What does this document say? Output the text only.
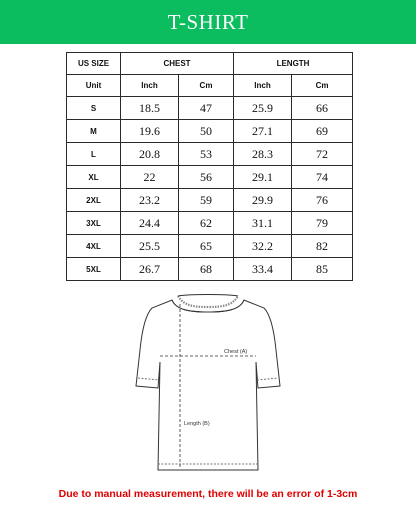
T-SHIRT
US SIZE	CHEST		LENGTH	
Unit	Inch	Cm	Inch	Cm
S	18.5	47	25.9	66
M	19.6	50	27.1	69
L	20.8	53	28.3	72
XL	22	56	29.1	74
2XL	23.2	59	29.9	76
3XL	24.4	62	31.1	79
4XL	25.5	65	32.2	82
5XL	26.7	68	33.4	85
Chest (A)
Length (B)
Due to manual measurement, there will be an error of 1-3cm
